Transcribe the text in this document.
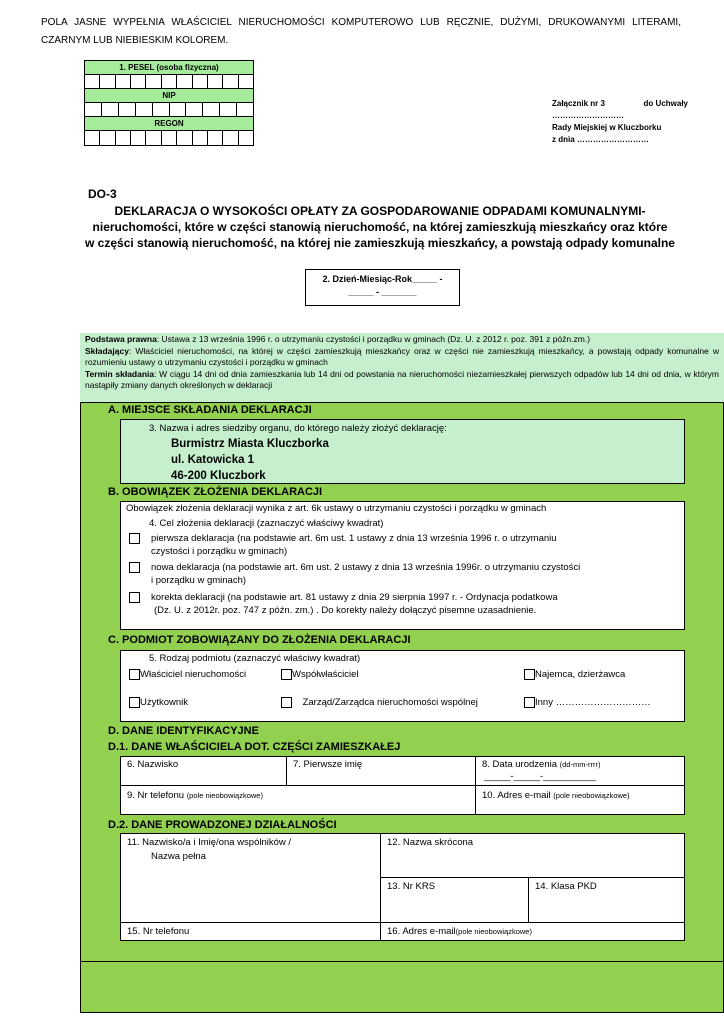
POLA JASNE WYPEŁNIA WŁAŚCICIEL NIERUCHOMOŚCI KOMPUTEROWO LUB RĘCZNIE, DUŻYMI, DRUKOWANYMI LITERAMI, CZARNYM LUB NIEBIESKIM KOLOREM.
1. PESEL (osoba fizyczna)
NIP
REGON
Załącznik nr 3	do Uchwały
………………………
Rady Miejskiej w Kluczborku
z dnia ………………………
DO-3
DEKLARACJA O WYSOKOŚCI OPŁATY ZA GOSPODAROWANIE ODPADAMI KOMUNALNYMI-
nieruchomości, które w części stanowią nieruchomość, na której zamieszkują mieszkańcy oraz które
w części stanowią nieruchomość, na której nie zamieszkują mieszkańcy, a powstają odpady komunalne
2. Dzień-Miesiąc-Rok_____ -
_____ - _______
Podstawa prawna: Ustawa z 13 września 1996 r. o utrzymaniu czystości i porządku w gminach (Dz. U. z 2012 r. poz. 391 z późn.zm.)
Składający: Właściciel nieruchomości, na której w części zamieszkują mieszkańcy oraz w części nie zamieszkują mieszkańcy, a powstają odpady komunalne w rozumieniu ustawy o utrzymaniu czystości i porządku w gminach
Termin składania: W ciągu 14 dni od dnia zamieszkania lub 14 dni od powstania na nieruchomości niezamieszkałej pierwszych odpadów lub 14 dni od dnia, w którym nastąpiły zmiany danych określonych w deklaracji
A. MIEJSCE SKŁADANIA DEKLARACJI
3. Nazwa i adres siedziby organu, do którego należy złożyć deklarację:
Burmistrz Miasta Kluczborka
ul. Katowicka 1
46-200 Kluczbork
B. OBOWIĄZEK ZŁOŻENIA DEKLARACJI
Obowiązek złożenia deklaracji wynika z art. 6k ustawy o utrzymaniu czystości i porządku w gminach
4. Cel złożenia deklaracji (zaznaczyć właściwy kwadrat)
pierwsza deklaracja (na podstawie art. 6m ust. 1 ustawy z dnia 13 września 1996 r. o utrzymaniu
czystości i porządku w gminach)
nowa deklaracja (na podstawie art. 6m ust. 2 ustawy z dnia 13 września 1996r. o utrzymaniu czystości
i porządku w gminach)
korekta deklaracji (na podstawie art. 81 ustawy z dnia 29 sierpnia 1997 r. - Ordynacja podatkowa
(Dz. U. z 2012r. poz. 747 z późn. zm.) . Do korekty należy dołączyć pisemne uzasadnienie.
C. PODMIOT ZOBOWIĄZANY DO ZŁOŻENIA DEKLARACJI
5. Rodzaj podmiotu (zaznaczyć właściwy kwadrat)
Właściciel nieruchomości	Współwłaściciel	Najemca, dzierżawca
Użytkownik	Zarząd/Zarządca nieruchomości wspólnej	Inny …………………………
D. DANE IDENTYFIKACYJNE
D.1. DANE WŁAŚCICIELA DOT. CZĘŚCI ZAMIESZKAŁEJ
6. Nazwisko	7. Pierwsze imię	8. Data urodzenia (dd-mm-rrrr)
_____-_____-__________
9. Nr telefonu (pole nieobowiązkowe)	10. Adres e-mail (pole nieobowiązkowe)
D.2. DANE PROWADZONEJ DZIAŁALNOŚCI
11. Nazwisko/a i Imię/ona wspólników /
Nazwa pełna
12. Nazwa skrócona
13. Nr KRS	14. Klasa PKD
15. Nr telefonu	16. Adres e-mail(pole nieobowiązkowe)
